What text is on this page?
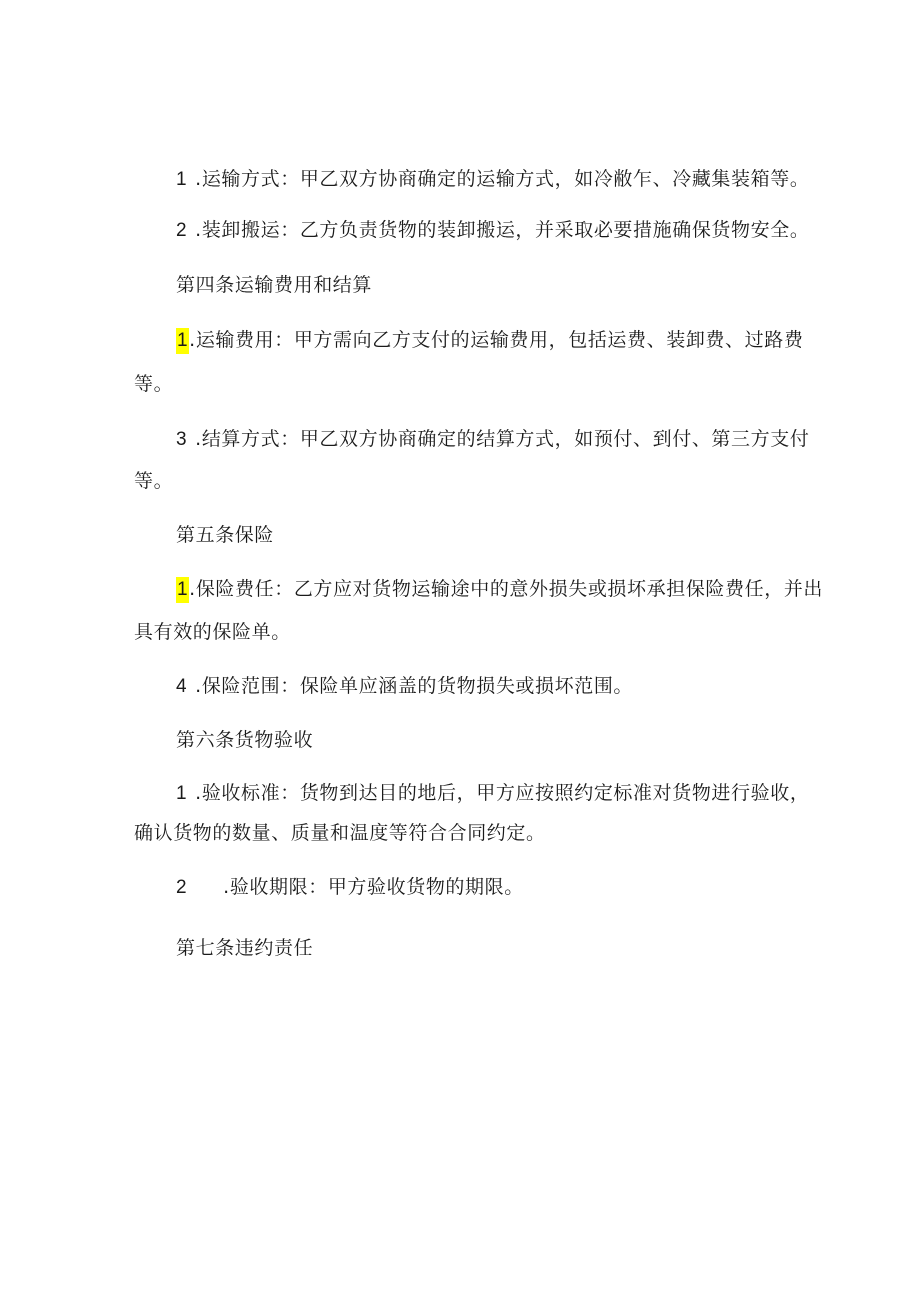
1 .运输方式：甲乙双方协商确定的运输方式，如冷敝乍、冷藏集装箱等。
2 .装卸搬运：乙方负责货物的装卸搬运，并采取必要措施确保货物安全。
第四条运输费用和结算
1.运输费用：甲方需向乙方支付的运输费用，包括运费、装卸费、过路费
等。
3 .结算方式：甲乙双方协商确定的结算方式，如预付、到付、第三方支付
等。
第五条保险
1.保险费任：乙方应对货物运输途中的意外损失或损坏承担保险费任，并出
具有效的保险单。
4 .保险范围：保险单应涵盖的货物损失或损坏范围。
第六条货物验收
1 .验收标准：货物到达目的地后，甲方应按照约定标准对货物进行验收，
确认货物的数量、质量和温度等符合合同约定。
2 .验收期限：甲方验收货物的期限。
第七条违约责任
